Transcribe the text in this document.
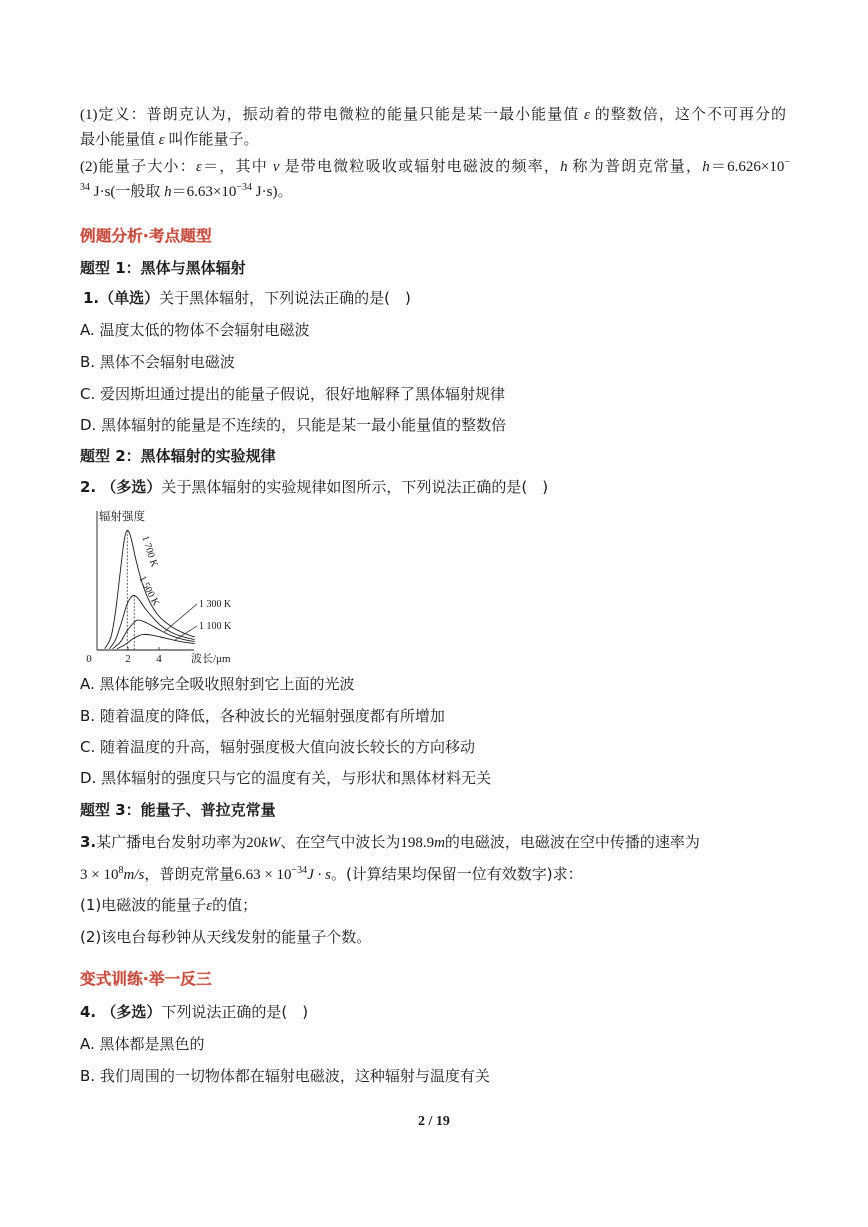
(1)定义：普朗克认为，振动着的带电微粒的能量只能是某一最小能量值 ε 的整数倍，这个不可再分的
最小能量值 ε 叫作能量子。
(2)能量子大小：ε＝，其中 ν 是带电微粒吸收或辐射电磁波的频率，h 称为普朗克常量，h＝6.626×10−
$^{34}$ J·s(一般取 $h=6.63\times 10^{-34}$ J·s)。
例题分析·考点题型
题型 1：黑体与黑体辐射
1.（单选）关于黑体辐射，下列说法正确的是(　)
A. 温度太低的物体不会辐射电磁波
B. 黑体不会辐射电磁波
C. 爱因斯坦通过提出的能量子假说，很好地解释了黑体辐射规律
D. 黑体辐射的能量是不连续的，只能是某一最小能量值的整数倍
题型 2：黑体辐射的实验规律
2. （多选）关于黑体辐射的实验规律如图所示，下列说法正确的是(　)
辐射强度
波长/μm
0	2 4
1 700 K
1 500 K	1 300 K
1 100 K
A. 黑体能够完全吸收照射到它上面的光波
B. 随着温度的降低，各种波长的光辐射强度都有所增加
C. 随着温度的升高，辐射强度极大值向波长较长的方向移动
D. 黑体辐射的强度只与它的温度有关，与形状和黑体材料无关
题型 3：能量子、普拉克常量
3.某广播电台发射功率为20kW、在空气中波长为198.9m的电磁波，电磁波在空中传播的速率为
$3 \times 10^8m/s$，普朗克常量$6.63 \times 10^{-34}J \cdot s$。(计算结果均保留一位有效数字)求：
(1)电磁波的能量子ε的值；
(2)该电台每秒钟从天线发射的能量子个数。
变式训练·举一反三
4. （多选）下列说法正确的是(　)
A. 黑体都是黑色的
B. 我们周围的一切物体都在辐射电磁波，这种辐射与温度有关
2 / 19
